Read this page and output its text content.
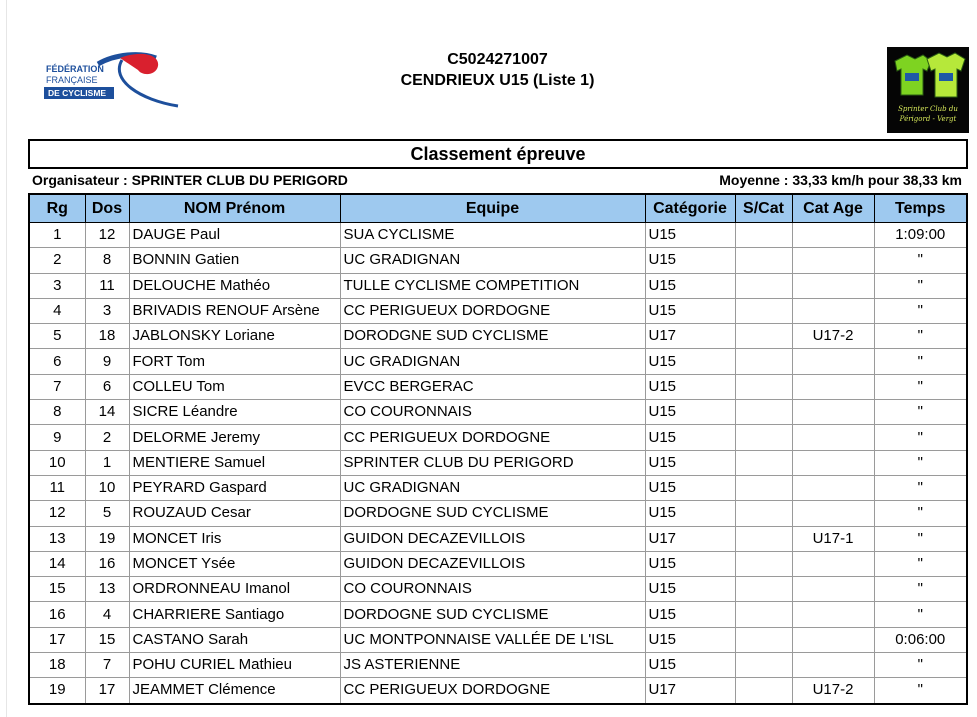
FÉDÉRATION
FRANÇAISE
DE CYCLISME
C5024271007
CENDRIEUX U15 (Liste 1)
Sprinter Club du
Périgord - Vergt
Classement épreuve
Organisateur : SPRINTER CLUB DU PERIGORD	Moyenne : 33,33 km/h pour 38,33 km
Rg	Dos	NOM Prénom	Equipe	Catégorie	S/Cat	Cat Age	Temps
1	12	DAUGE Paul	SUA CYCLISME	U15			1:09:00
2	8	BONNIN Gatien	UC GRADIGNAN	U15			"
3	11	DELOUCHE Mathéo	TULLE CYCLISME COMPETITION	U15			"
4	3	BRIVADIS RENOUF Arsène	CC PERIGUEUX DORDOGNE	U15			"
5	18	JABLONSKY Loriane	DORODGNE SUD CYCLISME	U17		U17-2	"
6	9	FORT Tom	UC GRADIGNAN	U15			"
7	6	COLLEU Tom	EVCC BERGERAC	U15			"
8	14	SICRE Léandre	CO COURONNAIS	U15			"
9	2	DELORME Jeremy	CC PERIGUEUX DORDOGNE	U15			"
10	1	MENTIERE Samuel	SPRINTER CLUB DU PERIGORD	U15			"
11	10	PEYRARD Gaspard	UC GRADIGNAN	U15			"
12	5	ROUZAUD Cesar	DORDOGNE SUD CYCLISME	U15			"
13	19	MONCET Iris	GUIDON DECAZEVILLOIS	U17		U17-1	"
14	16	MONCET Ysée	GUIDON DECAZEVILLOIS	U15			"
15	13	ORDRONNEAU Imanol	CO COURONNAIS	U15			"
16	4	CHARRIERE Santiago	DORDOGNE SUD CYCLISME	U15			"
17	15	CASTANO Sarah	UC MONTPONNAISE VALLÉE DE L'ISL	U15			0:06:00
18	7	POHU CURIEL Mathieu	JS ASTERIENNE	U15			"
19	17	JEAMMET Clémence	CC PERIGUEUX DORDOGNE	U17		U17-2	"
